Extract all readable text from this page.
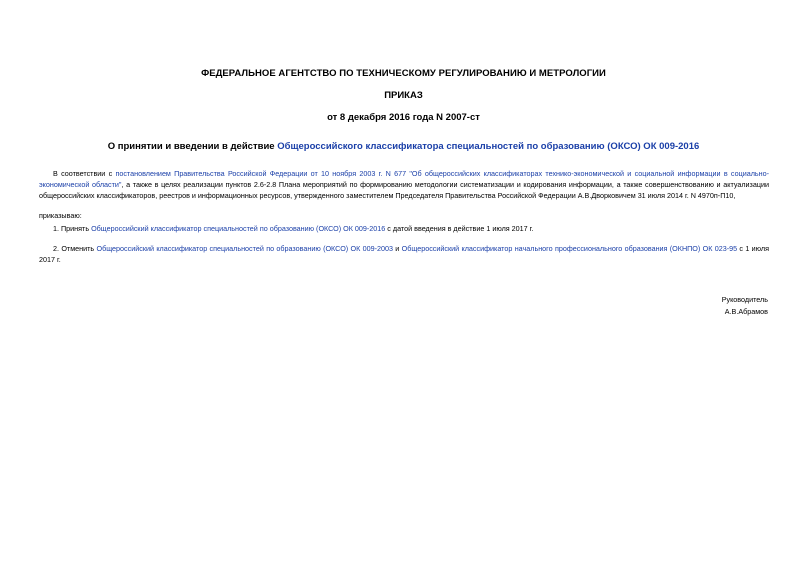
ФЕДЕРАЛЬНОЕ АГЕНТСТВО ПО ТЕХНИЧЕСКОМУ РЕГУЛИРОВАНИЮ И МЕТРОЛОГИИ
ПРИКАЗ
от 8 декабря 2016 года N 2007-ст
О принятии и введении в действие Общероссийского классификатора специальностей по образованию (ОКСО) ОК 009-2016
В соответствии с постановлением Правительства Российской Федерации от 10 ноября 2003 г. N 677 "Об общероссийских классификаторах технико-экономической и социальной информации в социально-экономической области", а также в целях реализации пунктов 2.6-2.8 Плана мероприятий по формированию методологии систематизации и кодирования информации, а также совершенствованию и актуализации общероссийских классификаторов, реестров и информационных ресурсов, утвержденного заместителем Председателя Правительства Российской Федерации А.В.Дворковичем 31 июля 2014 г. N 4970п-П10,
приказываю:
1. Принять Общероссийский классификатор специальностей по образованию (ОКСО) ОК 009-2016 с датой введения в действие 1 июля 2017 г.
2. Отменить Общероссийский классификатор специальностей по образованию (ОКСО) ОК 009-2003 и Общероссийский классификатор начального профессионального образования (ОКНПО) ОК 023-95 с 1 июля 2017 г.
Руководитель
А.В.Абрамов
